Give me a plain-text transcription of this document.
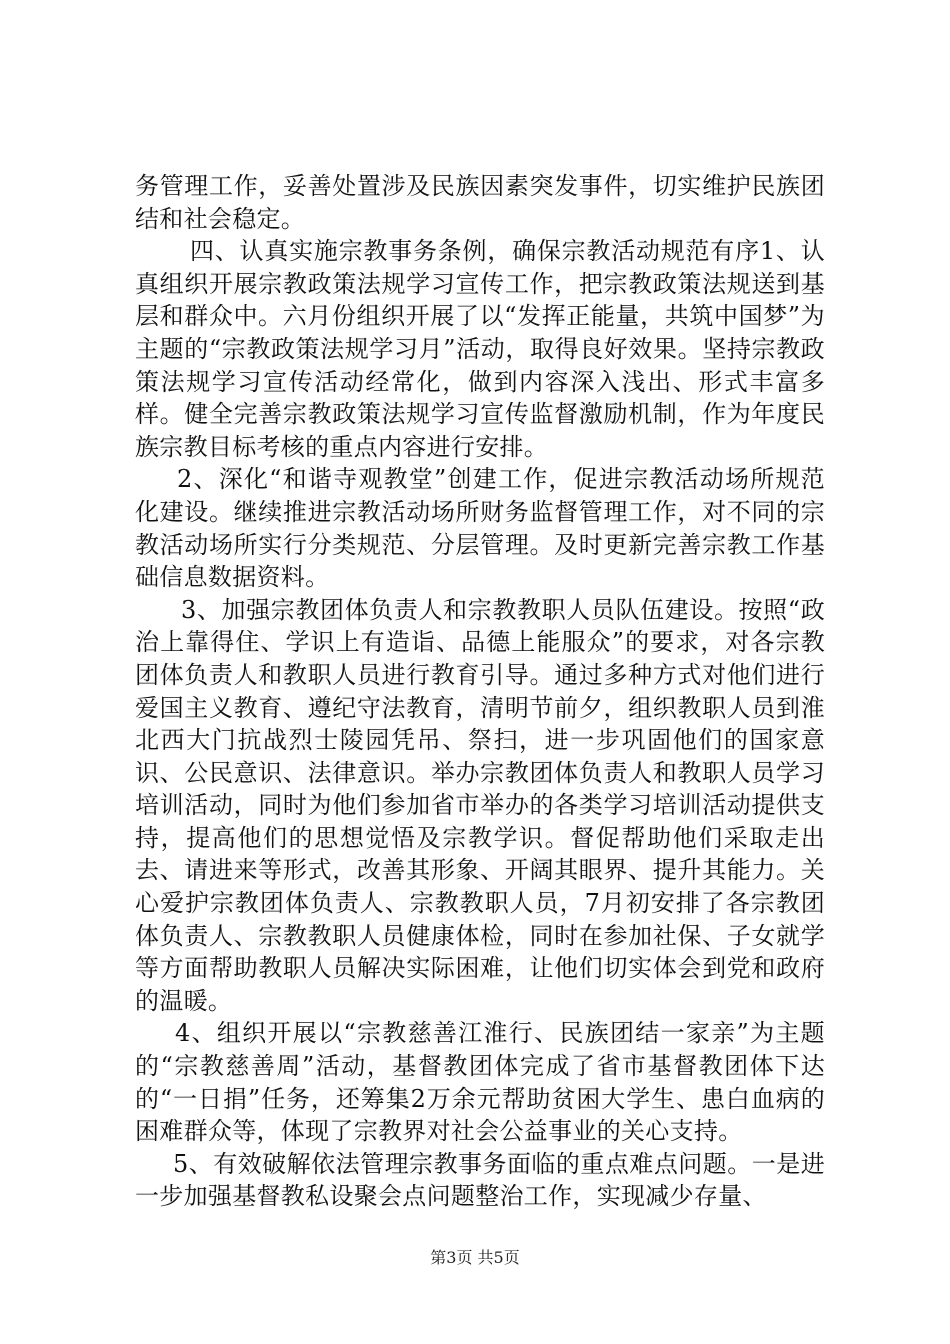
务管理工作，妥善处置涉及民族因素突发事件，切实维护民族团结和社会稳定。

四、认真实施宗教事务条例，确保宗教活动规范有序1、认真组织开展宗教政策法规学习宣传工作，把宗教政策法规送到基层和群众中。六月份组织开展了以“发挥正能量，共筑中国梦”为主题的“宗教政策法规学习月”活动，取得良好效果。坚持宗教政策法规学习宣传活动经常化，做到内容深入浅出、形式丰富多样。健全完善宗教政策法规学习宣传监督激励机制，作为年度民族宗教目标考核的重点内容进行安排。

2、深化“和谐寺观教堂”创建工作，促进宗教活动场所规范化建设。继续推进宗教活动场所财务监督管理工作，对不同的宗教活动场所实行分类规范、分层管理。及时更新完善宗教工作基础信息数据资料。

3、加强宗教团体负责人和宗教教职人员队伍建设。按照“政治上靠得住、学识上有造诣、品德上能服众”的要求，对各宗教团体负责人和教职人员进行教育引导。通过多种方式对他们进行爱国主义教育、遵纪守法教育，清明节前夕，组织教职人员到淮北西大门抗战烈士陵园凭吊、祭扫，进一步巩固他们的国家意识、公民意识、法律意识。举办宗教团体负责人和教职人员学习培训活动，同时为他们参加省市举办的各类学习培训活动提供支持，提高他们的思想觉悟及宗教学识。督促帮助他们采取走出去、请进来等形式，改善其形象、开阔其眼界、提升其能力。关心爱护宗教团体负责人、宗教教职人员，7月初安排了各宗教团体负责人、宗教教职人员健康体检，同时在参加社保、子女就学等方面帮助教职人员解决实际困难，让他们切实体会到党和政府的温暖。

4、组织开展以“宗教慈善江淮行、民族团结一家亲”为主题的“宗教慈善周”活动，基督教团体完成了省市基督教团体下达的“一日捐”任务，还筹集2万余元帮助贫困大学生、患白血病的困难群众等，体现了宗教界对社会公益事业的关心支持。

5、有效破解依法管理宗教事务面临的重点难点问题。一是进一步加强基督教私设聚会点问题整治工作，实现减少存量、

第3页 共5页
